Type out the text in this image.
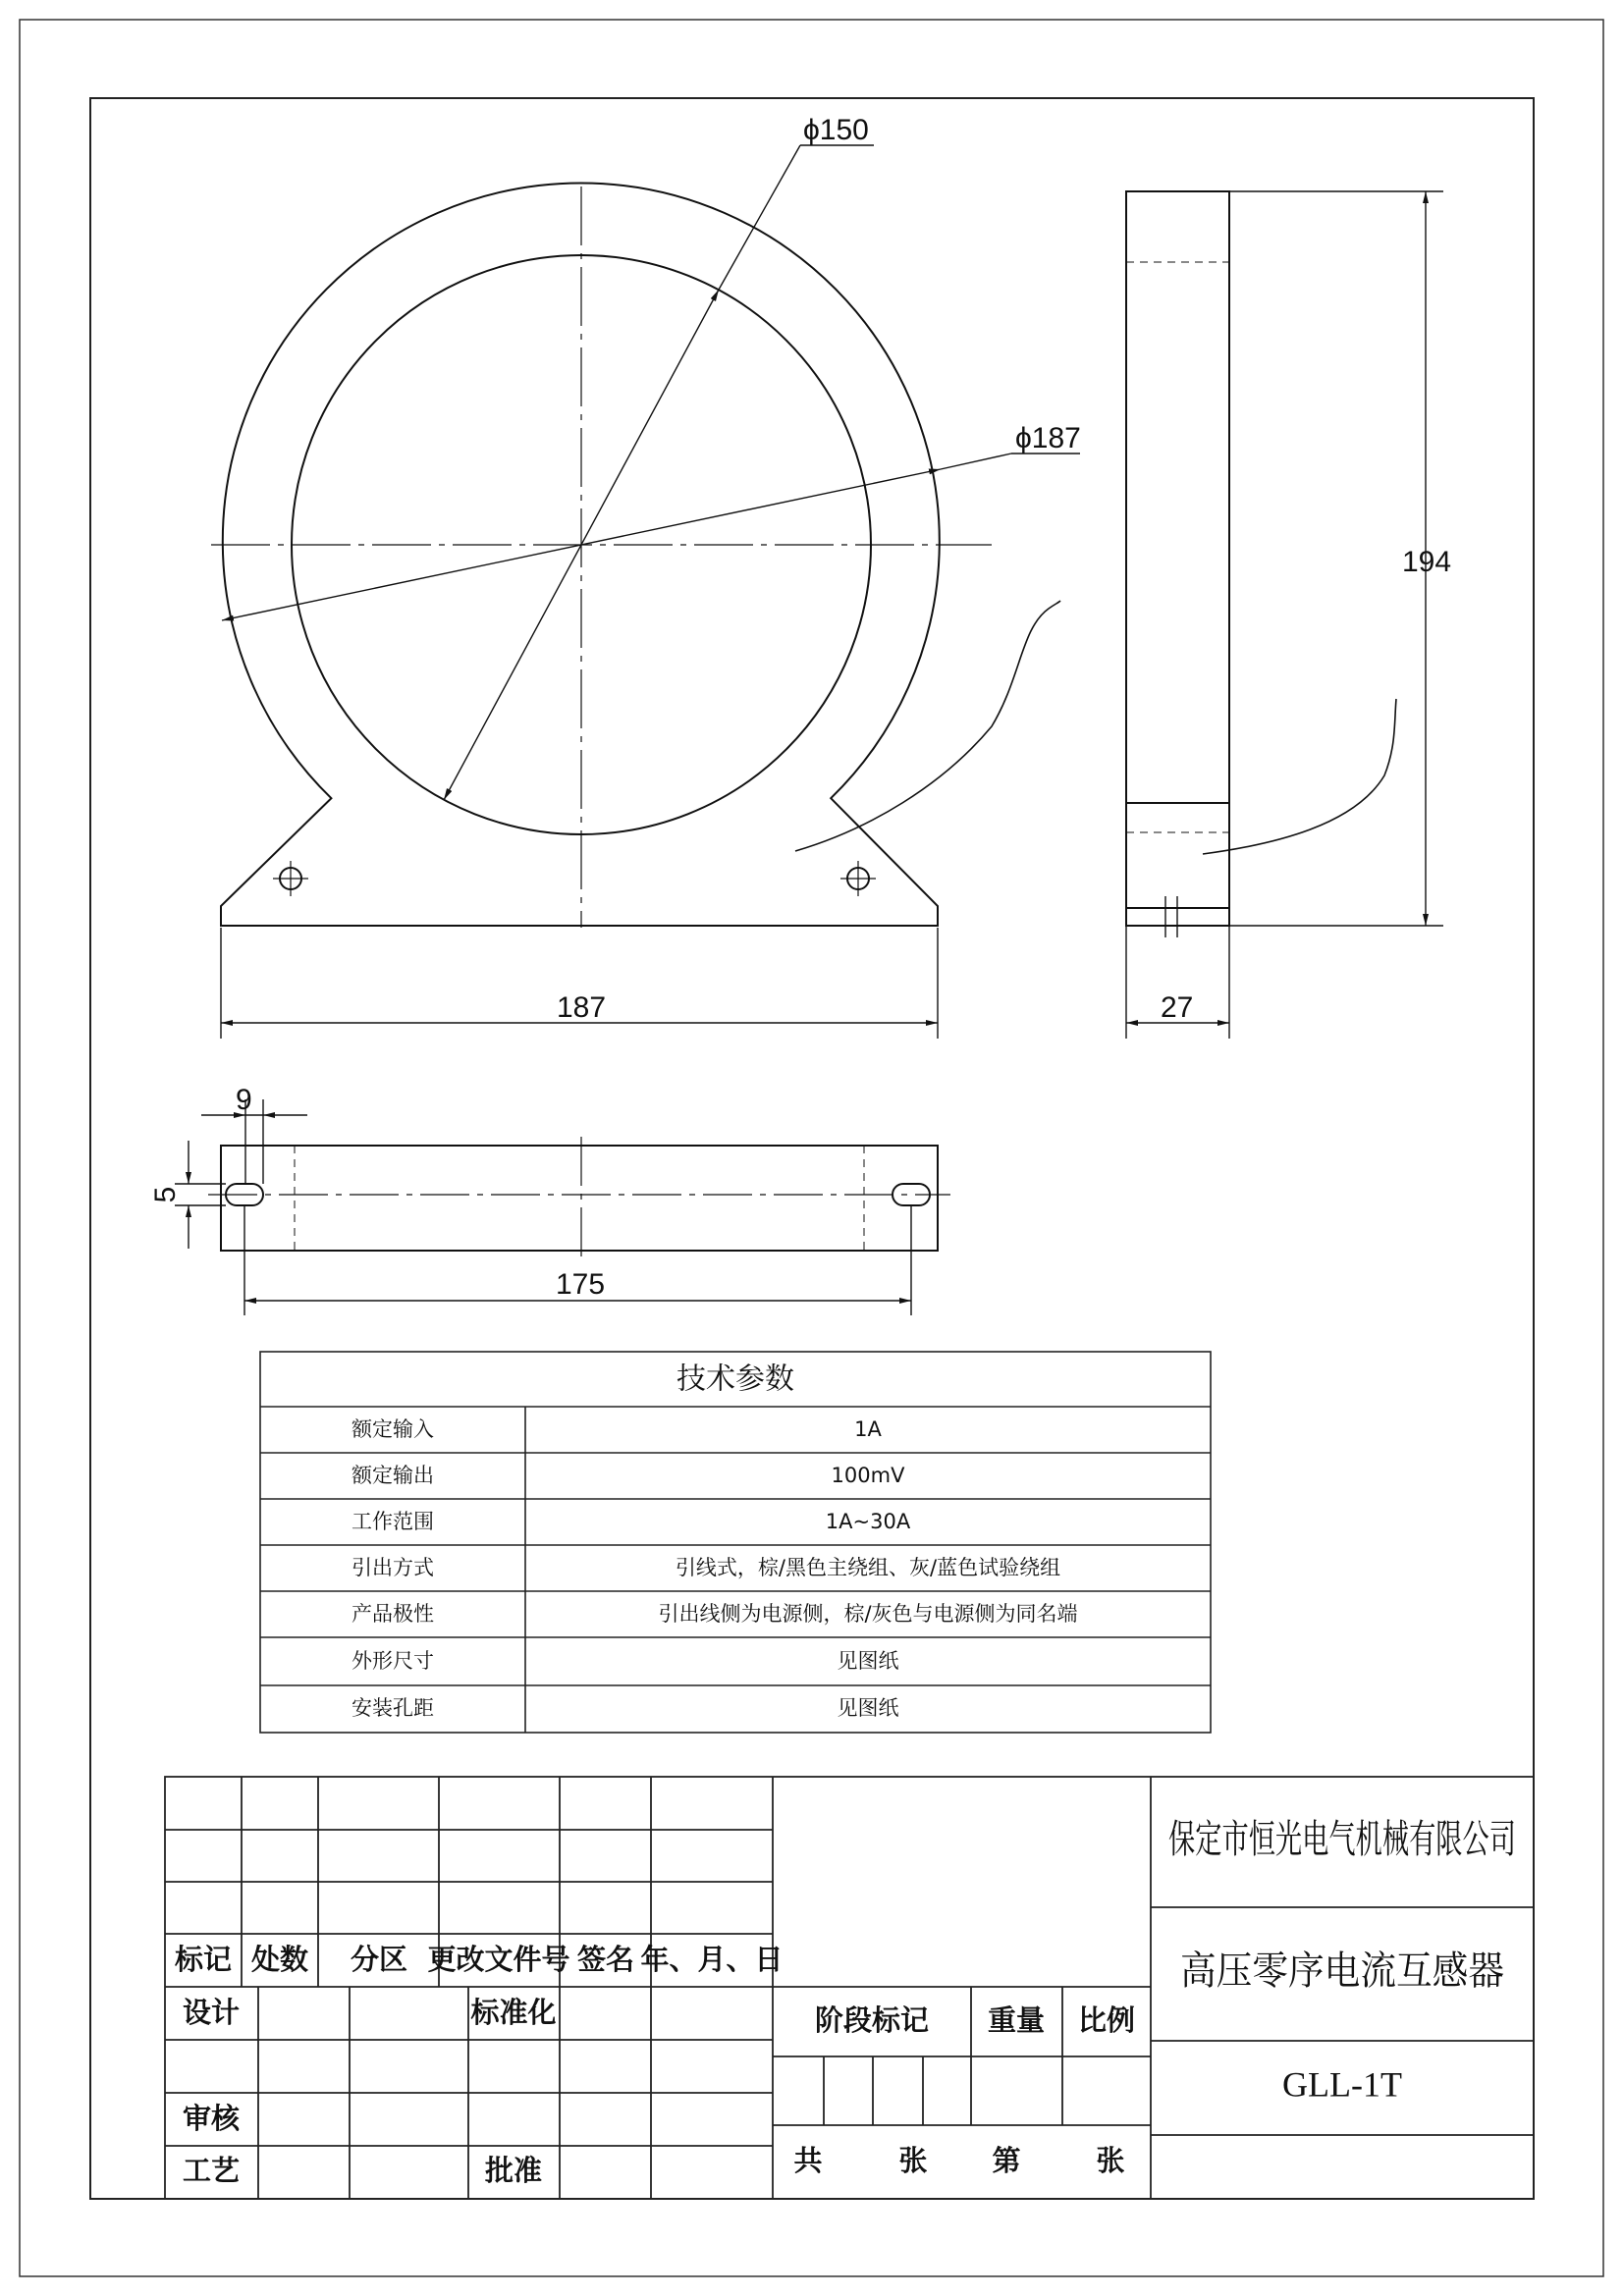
ϕ150
ϕ187
187
194
27
9
5
175
技术参数
额定输入	1A
额定输出	100mV
工作范围	1A~30A
引出方式	引线式，棕/黑色主绕组、灰/蓝色试验绕组
产品极性	引出线侧为电源侧，棕/灰色与电源侧为同名端
外形尺寸	见图纸
安装孔距	见图纸
标记 处数 分区 更改文件号 签名 年、月、日
设计	标准化
审核
工艺	批准
阶段标记 重量 比例
共	张 第	张
保定市恒光电气机械有限公司
高压零序电流互感器
GLL-1T
